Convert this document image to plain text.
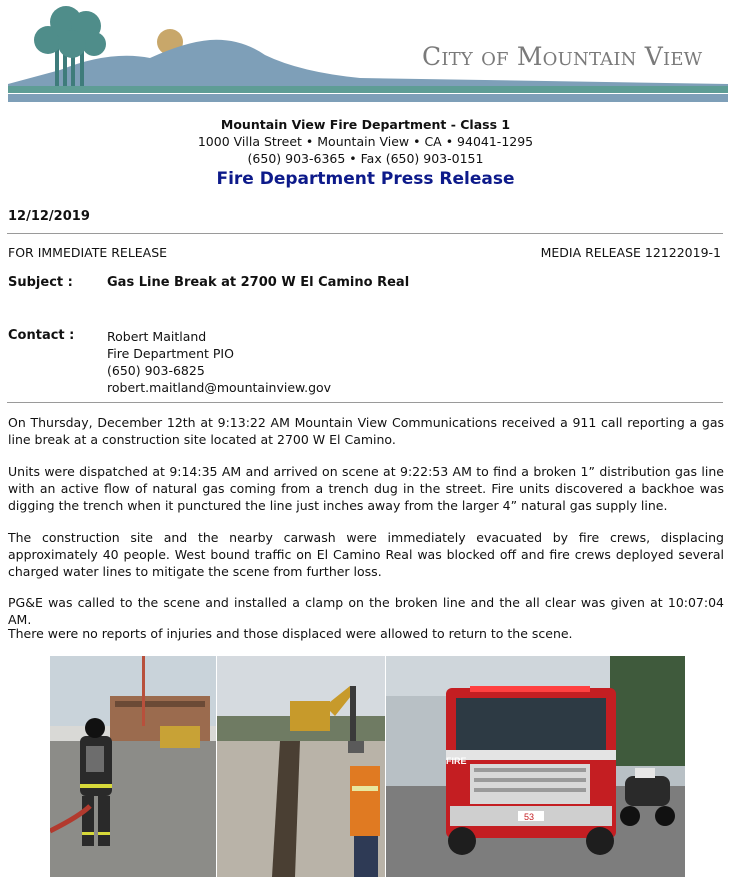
City of Mountain View
Mountain View Fire Department - Class 1
1000 Villa Street • Mountain View • CA • 94041-1295
(650) 903-6365 • Fax (650) 903-0151
Fire Department Press Release
12/12/2019
FOR IMMEDIATE RELEASE	MEDIA RELEASE 12122019-1
Subject :	Gas Line Break at 2700 W El Camino Real
Contact :	Robert Maitland
Fire Department PIO
(650) 903-6825
robert.maitland@mountainview.gov
On Thursday, December 12th at 9:13:22 AM Mountain View Communications received a 911 call reporting a gas line break at a construction site located at 2700 W El Camino.
Units were dispatched at 9:14:35 AM and arrived on scene at 9:22:53 AM to find a broken 1” distribution gas line with an active flow of natural gas coming from a trench dug in the street. Fire units discovered a backhoe was digging the trench when it punctured the line just inches away from the larger 4” natural gas supply line.
The construction site and the nearby carwash were immediately evacuated by fire crews, displacing approximately 40 people. West bound traffic on El Camino Real was blocked off and fire crews deployed several charged water lines to mitigate the scene from further loss.
PG&E was called to the scene and installed a clamp on the broken line and the all clear was given at 10:07:04 AM.
There were no reports of injuries and those displaced were allowed to return to the scene.
FIRE
53
